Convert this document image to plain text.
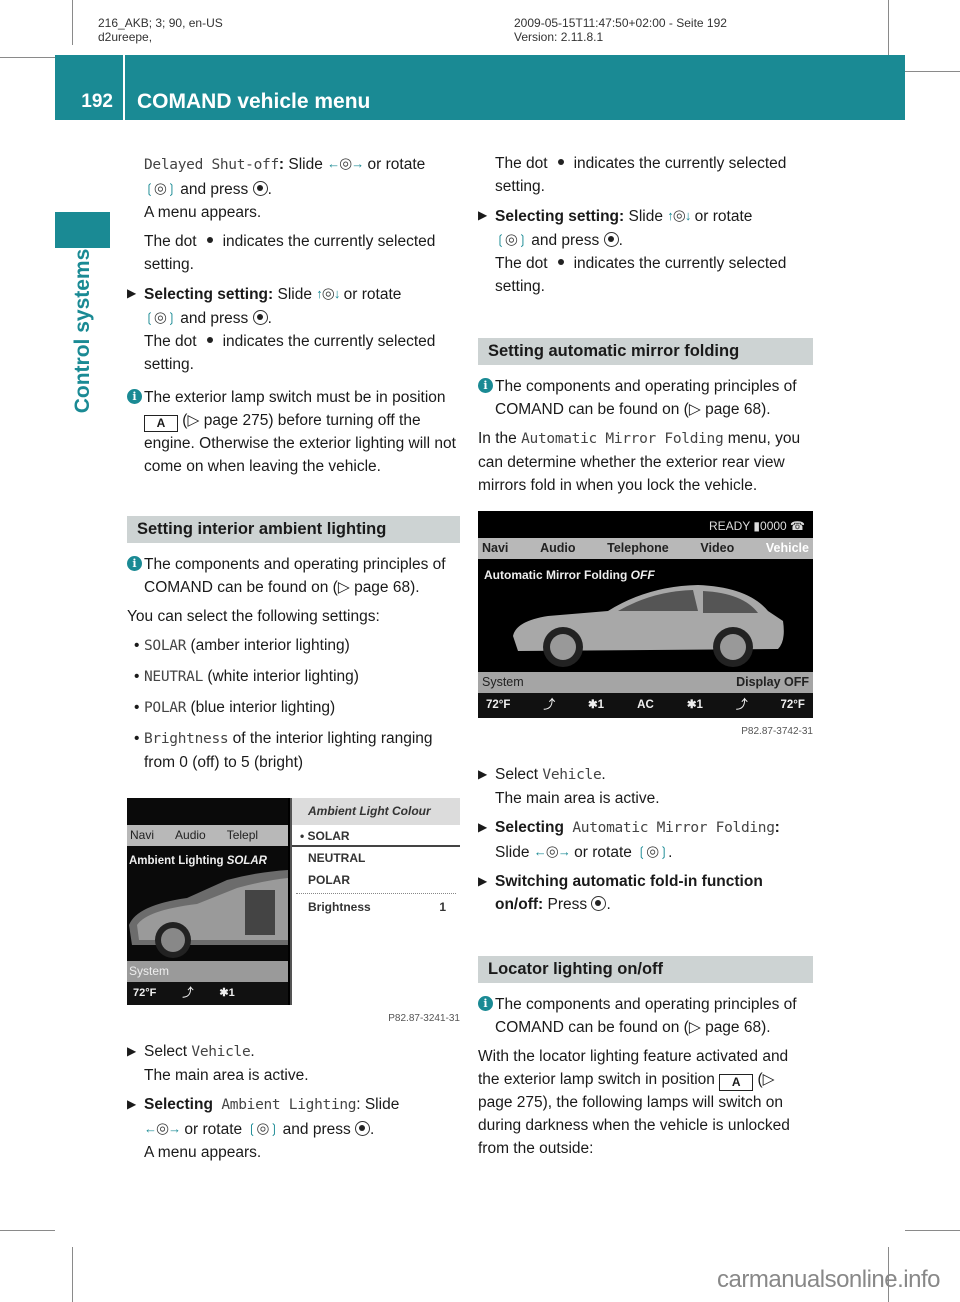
216_AKB; 3; 90, en-US
d2ureepe,
2009-05-15T11:47:50+02:00 - Seite 192
Version: 2.11.8.1
192 COMAND vehicle menu
Control systems
Delayed Shut-off: Slide ←◎→ or rotate
❲◎❳ and press .
A menu appears.
The dot indicates the currently selected setting.
▶ Selecting setting: Slide ↑◎↓ or rotate
❲◎❳ and press .
The dot indicates the currently selected setting.
i The exterior lamp switch must be in position A (▷ page 275) before turning off the engine. Otherwise the exterior lighting will not come on when leaving the vehicle.
Setting interior ambient lighting
i The components and operating principles of COMAND can be found on (▷ page 68).
You can select the following settings:
• SOLAR (amber interior lighting)
• NEUTRAL (white interior lighting)
• POLAR (blue interior lighting)
• Brightness of the interior lighting ranging from 0 (off) to 5 (bright)
Navi Audio Telepl
Ambient Lighting SOLAR
System
72°F ⤴ ✱1
Ambient Light Colour
• SOLAR
NEUTRAL
POLAR
Brightness	1
P82.87-3241-31
▶ Select Vehicle.
The main area is active.
▶ Selecting Ambient Lighting: Slide
←◎→ or rotate ❲◎❳ and press .
A menu appears.
The dot indicates the currently selected setting.
▶ Selecting setting: Slide ↑◎↓ or rotate
❲◎❳ and press .
The dot indicates the currently selected setting.
Setting automatic mirror folding
i The components and operating principles of COMAND can be found on (▷ page 68).
In the Automatic Mirror Folding menu, you can determine whether the exterior rear view mirrors fold in when you lock the vehicle.
READY ▮0000 ☎
Navi	Audio	Telephone	Video	Vehicle
Automatic Mirror Folding OFF
System	Display OFF
72°F	⤴	✱1	AC	✱1	⤴	72°F
P82.87-3742-31
▶ Select Vehicle.
The main area is active.
▶ Selecting Automatic Mirror Folding:
Slide ←◎→ or rotate ❲◎❳.
▶ Switching automatic fold-in function on/off: Press .
Locator lighting on/off
i The components and operating principles of COMAND can be found on (▷ page 68).
With the locator lighting feature activated and the exterior lamp switch in position A (▷ page 275), the following lamps will switch on during darkness when the vehicle is unlocked from the outside:
carmanualsonline.info
